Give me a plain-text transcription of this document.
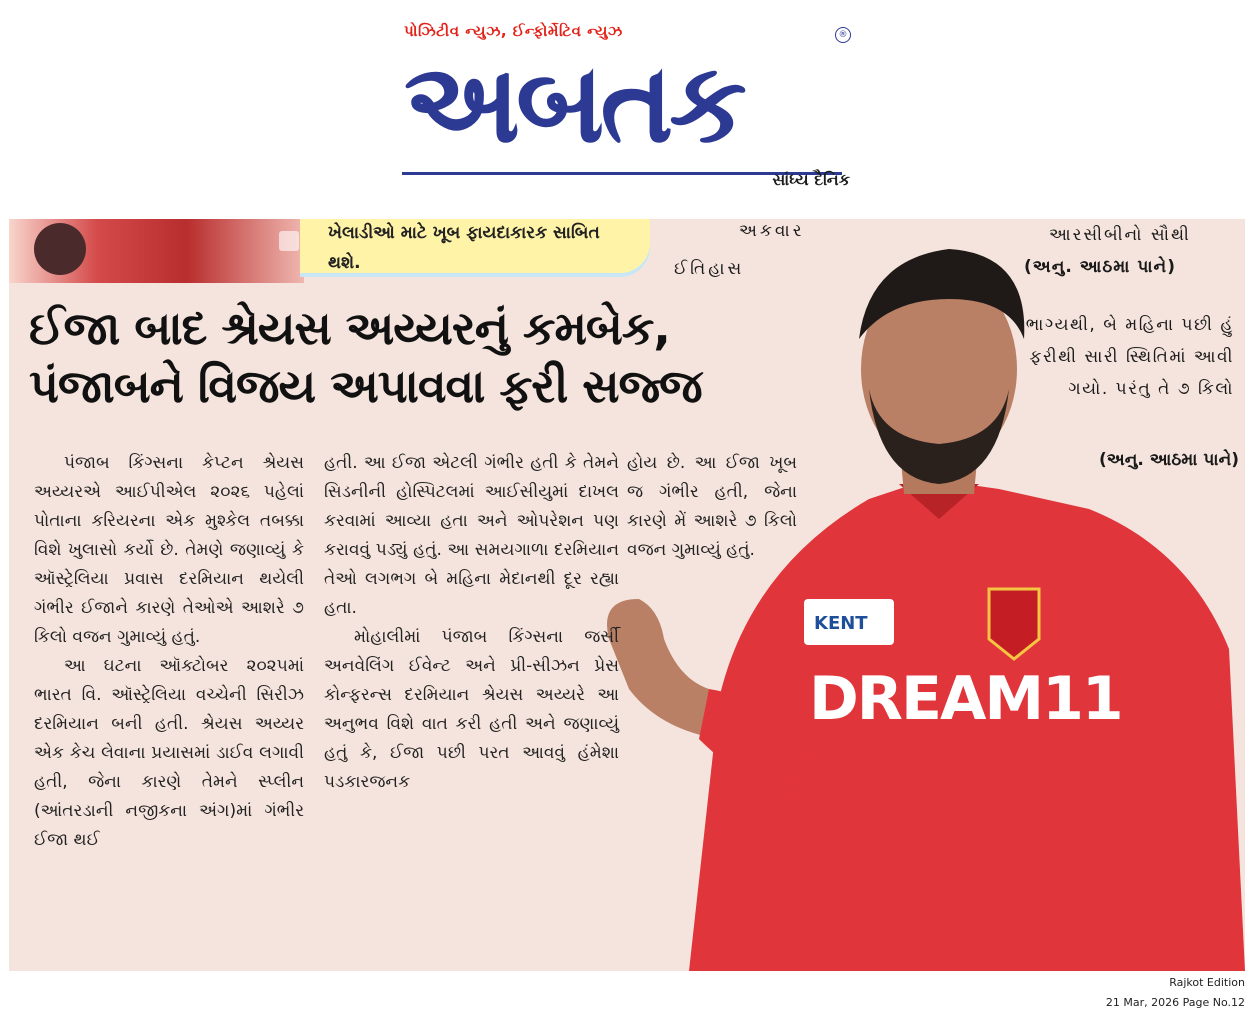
પોઝિટીવ ન્યુઝ, ઈન્ફોર્મેટિવ ન્યુઝ
અબતક
®
સાંધ્ય દૈનિક

ખેલાડીઓ માટે ખૂબ ફાયદાકારક સાબિત થશે.

અકવાર
ઈતિહાસ
આરસીબીનો સૌથી
(અનુ. આઠમા પાને)
KENT
DREAM11
ઈજા બાદ શ્રેયસ અય્યરનું કમબેક,
પંજાબને વિજય અપાવવા ફરી સજ્જ

પંજાબ કિંગ્સના કેપ્ટન શ્રેયસ અય્યરએ આઈપીએલ ૨૦૨૬ પહેલાં પોતાના કરિયરના એક મુશ્કેલ તબક્કા વિશે ખુલાસો કર્યો છે. તેમણે જણાવ્યું કે ઑસ્ટ્રેલિયા પ્રવાસ દરમિયાન થયેલી ગંભીર ઈજાને કારણે તેઓએ આશરે ૭ કિલો વજન ગુમાવ્યું હતું.

આ ઘટના ઑક્ટોબર ૨૦૨૫માં ભારત વિ. ઑસ્ટ્રેલિયા વચ્ચેની સિરીઝ દરમિયાન બની હતી. શ્રેયસ અય્યર એક કેચ લેવાના પ્રયાસમાં ડાઈવ લગાવી હતી, જેના કારણે તેમને સ્પ્લીન (આંતરડાની નજીકના અંગ)માં ગંભીર ઈજા થઈ

હતી. આ ઈજા એટલી ગંભીર હતી કે તેમને સિડનીની હોસ્પિટલમાં આઈસીયુમાં દાખલ કરવામાં આવ્યા હતા અને ઓપરેશન પણ કરાવવું પડ્યું હતું. આ સમયગાળા દરમિયાન તેઓ લગભગ બે મહિના મેદાનથી દૂર રહ્યા હતા.

મોહાલીમાં પંજાબ કિંગ્સના જર્સી અનવેલિંગ ઈવેન્ટ અને પ્રી-સીઝન પ્રેસ કોન્ફરન્સ દરમિયાન શ્રેયસ અય્યરે આ અનુભવ વિશે વાત કરી હતી અને જણાવ્યું હતું કે, ઈજા પછી પરત આવવું હંમેશા પડકારજનક

હોય છે. આ ઈજા ખૂબ જ ગંભીર હતી, જેના કારણે મેં આશરે ૭ કિલો વજન ગુમાવ્યું હતું.

ભાગ્યથી, બે મહિના પછી હું ફરીથી સારી સ્થિતિમાં આવી ગયો. પરંતુ તે ૭ કિલો
(અનુ. આઠમા પાને)
Rajkot Edition
21 Mar, 2026 Page No.12
